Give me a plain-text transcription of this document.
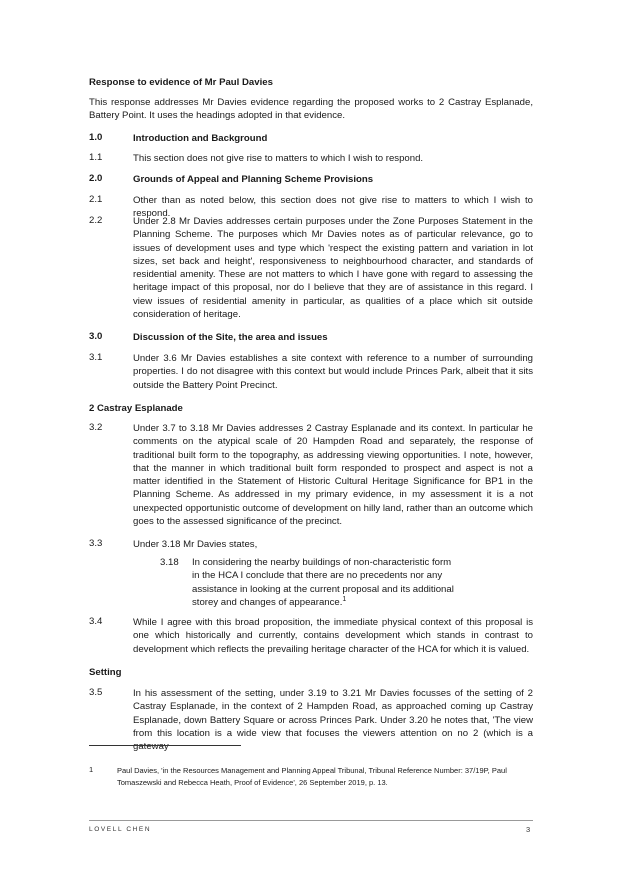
Response to evidence of Mr Paul Davies
This response addresses Mr Davies evidence regarding the proposed works to 2 Castray Esplanade, Battery Point. It uses the headings adopted in that evidence.
1.0	Introduction and Background
1.1	This section does not give rise to matters to which I wish to respond.
2.0	Grounds of Appeal and Planning Scheme Provisions
2.1	Other than as noted below, this section does not give rise to matters to which I wish to respond.
2.2	Under 2.8 Mr Davies addresses certain purposes under the Zone Purposes Statement in the Planning Scheme. The purposes which Mr Davies notes as of particular relevance, go to issues of development uses and type which 'respect the existing pattern and variation in lot sizes, set back and height', responsiveness to neighbourhood character, and standards of residential amenity. These are not matters to which I have gone with regard to assessing the heritage impact of this proposal, nor do I believe that they are of assistance in this regard. I view issues of residential amenity in particular, as qualities of a place which sit outside consideration of heritage.
3.0	Discussion of the Site, the area and issues
3.1	Under 3.6 Mr Davies establishes a site context with reference to a number of surrounding properties. I do not disagree with this context but would include Princes Park, albeit that it sits outside the Battery Point Precinct.
2 Castray Esplanade
3.2	Under 3.7 to 3.18 Mr Davies addresses 2 Castray Esplanade and its context. In particular he comments on the atypical scale of 20 Hampden Road and separately, the response of traditional built form to the topography, as addressing viewing opportunities. I note, however, that the manner in which traditional built form responded to prospect and aspect is not a matter identified in the Statement of Historic Cultural Heritage Significance for BP1 in the Planning Scheme. As addressed in my primary evidence, in my assessment it is a not unexpected opportunistic outcome of development on hilly land, rather than an outcome which goes to the assessed significance of the precinct.
3.3	Under 3.18 Mr Davies states,
3.18 In considering the nearby buildings of non-characteristic form
in the HCA I conclude that there are no precedents nor any
assistance in looking at the current proposal and its additional
storey and changes of appearance.$^1$
3.4	While I agree with this broad proposition, the immediate physical context of this proposal is one which historically and currently, contains development which stands in contrast to development which reflects the prevailing heritage character of the HCA for which it is valued.
Setting
3.5	In his assessment of the setting, under 3.19 to 3.21 Mr Davies focusses of the setting of 2 Castray Esplanade, in the context of 2 Hampden Road, as approached coming up Castray Esplanade, down Battery Square or across Princes Park. Under 3.20 he notes that, 'The view from this location is a wide view that focuses the viewers attention on no 2 (which is a gateway
1	Paul Davies, 'in the Resources Management and Planning Appeal Tribunal, Tribunal Reference Number: 37/19P, Paul Tomaszewski and Rebecca Heath, Proof of Evidence', 26 September 2019, p. 13.
LOVELL CHEN	3
